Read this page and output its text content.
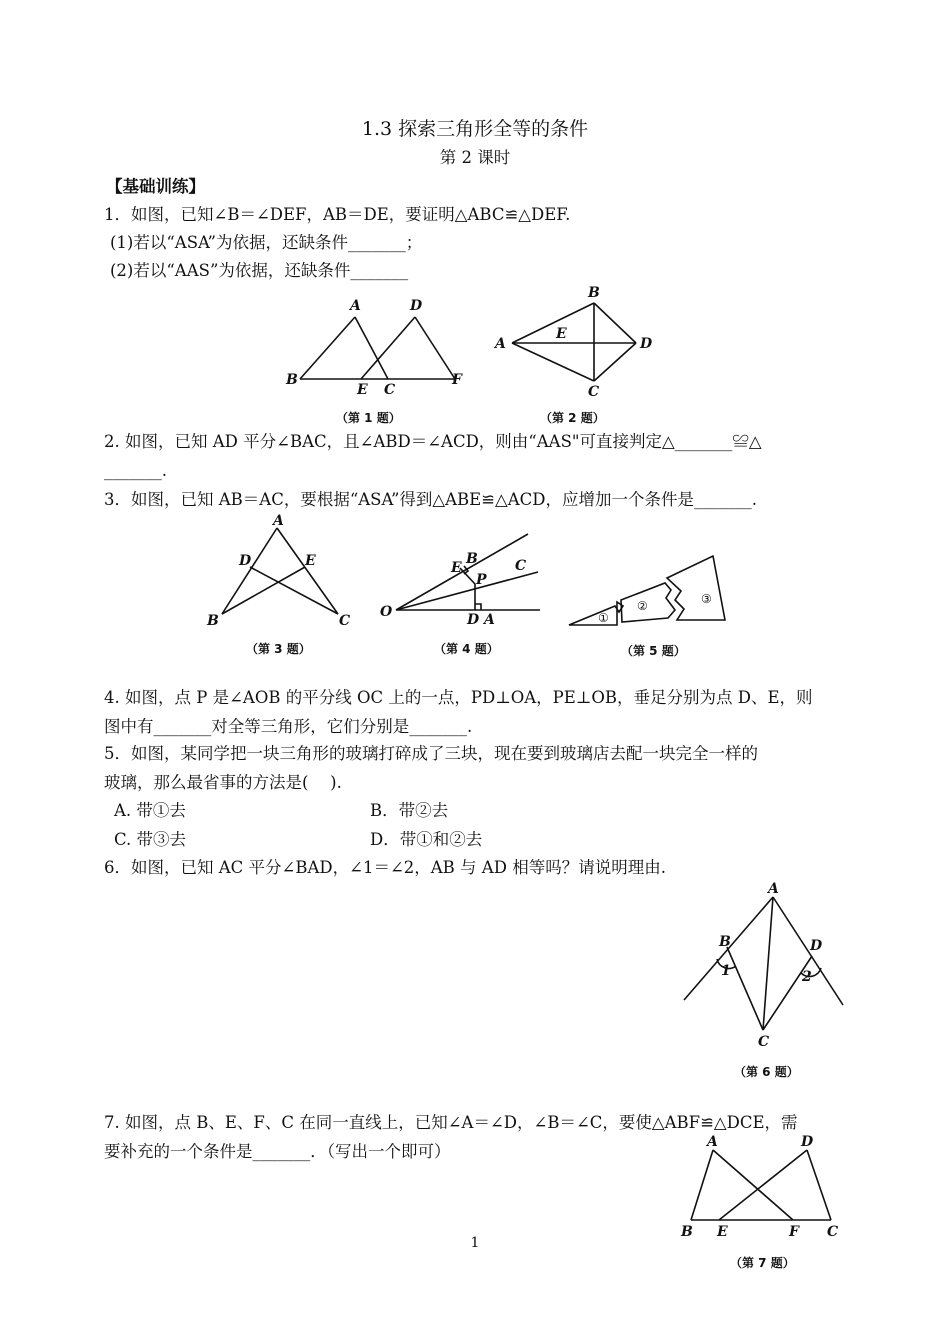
1.3 探索三角形全等的条件
第 2 课时
【基础训练】
1．如图，已知∠B＝∠DEF，AB＝DE，要证明△ABC≌△DEF.
(1)若以“ASA”为依据，还缺条件_______；
(2)若以“AAS”为依据，还缺条件_______
A	D
B
E C
F
（第 1 题）
B
E
A	D
C
（第 2 题）
2. 如图，已知 AD 平分∠BAC，且∠ABD＝∠ACD，则由“AAS"可直接判定△_______≌△
_______.
3．如图，已知 AB＝AC，要根据“ASA”得到△ABE≌△ACD，应增加一个条件是_______.
A
D	E
B	C
（第 3 题）
O
E
B
P
C
D A
（第 4 题）
①
②	③
（第 5 题）
4. 如图，点 P 是∠AOB 的平分线 OC 上的一点，PD⊥OA，PE⊥OB，垂足分别为点 D、E，则
图中有_______对全等三角形，它们分别是_______.
5．如图，某同学把一块三角形的玻璃打碎成了三块，现在要到玻璃店去配一块完全一样的
玻璃，那么最省事的方法是(　 ).
A. 带①去	B．带②去
C. 带③去	D．带①和②去
6．如图，已知 AC 平分∠BAD，∠1＝∠2，AB 与 AD 相等吗？请说明理由.
A
B	D
1	2
C
（第 6 题）
7. 如图，点 B、E、F、C 在同一直线上，已知∠A＝∠D，∠B＝∠C，要使△ABF≌△DCE，需
要补充的一个条件是_______．（写出一个即可）	A	D
B E	F C
（第 7 题）
1
